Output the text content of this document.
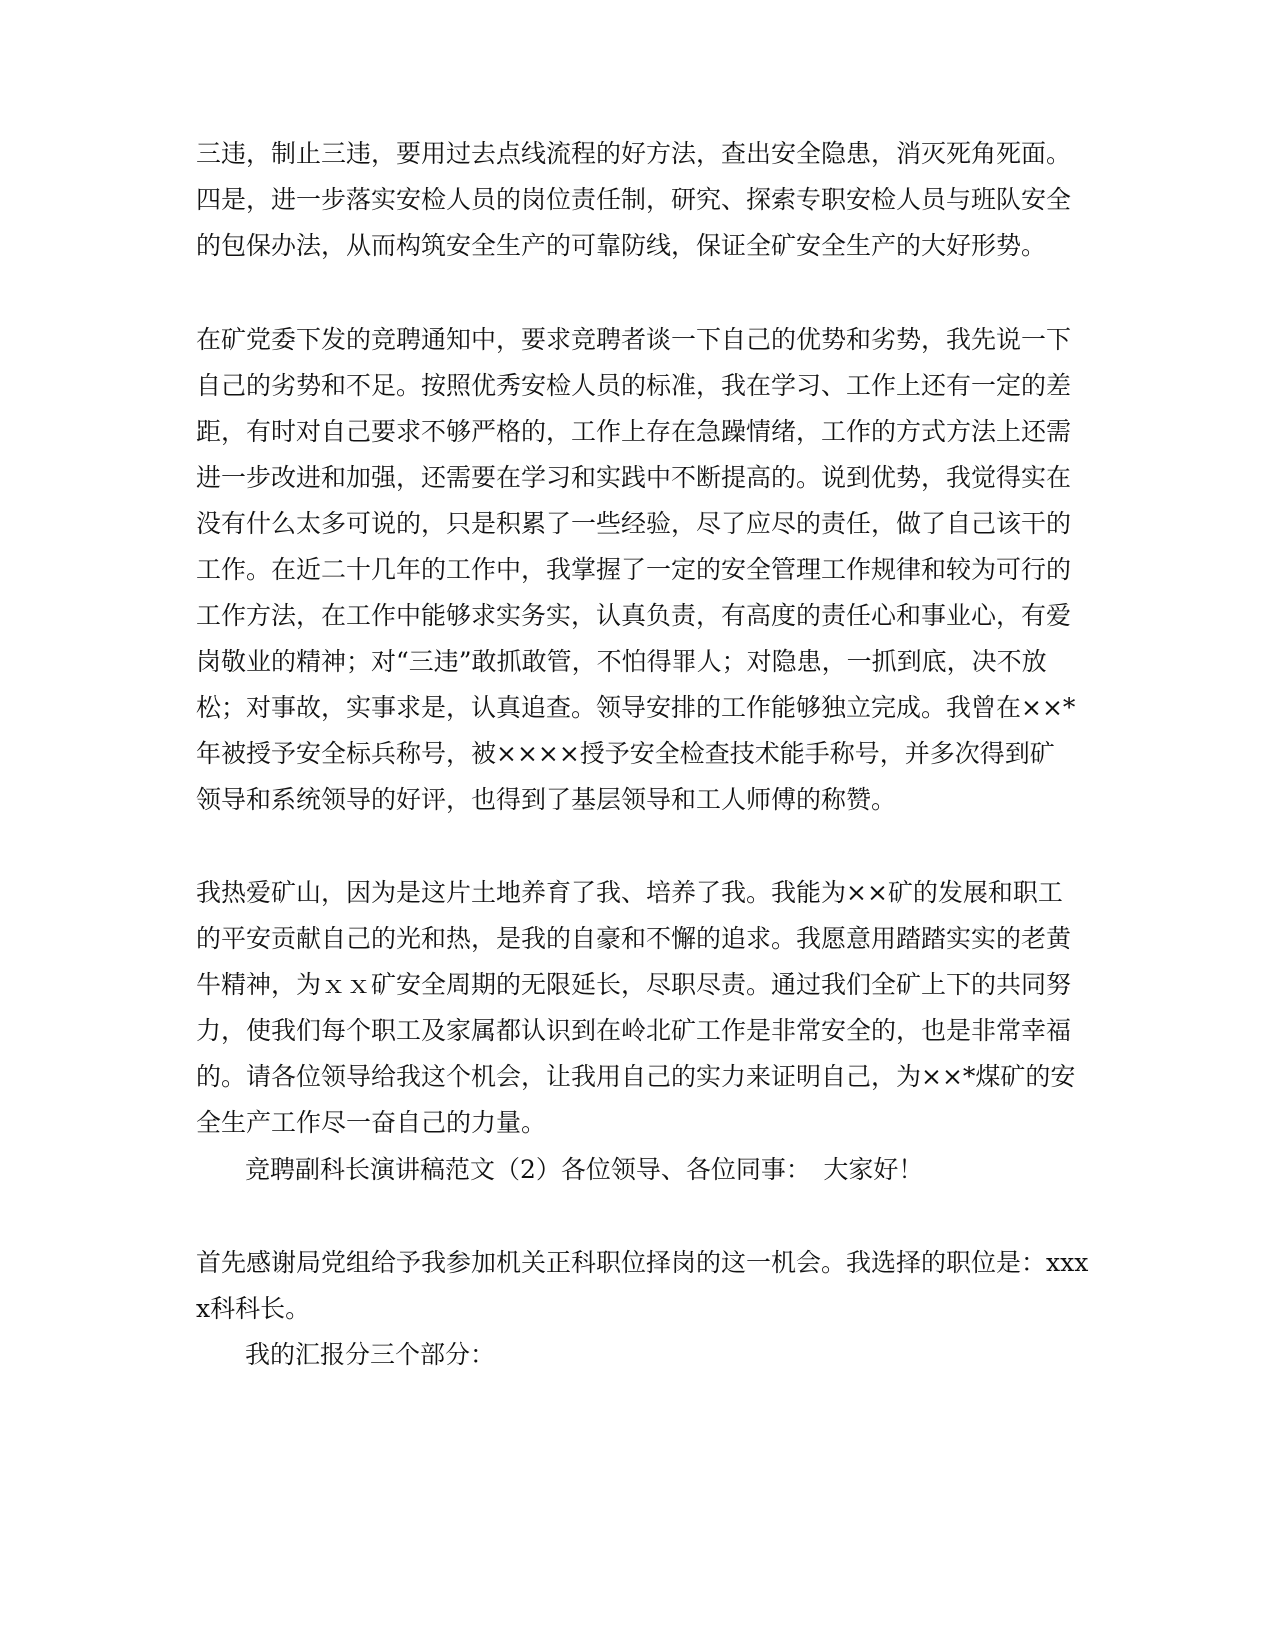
三违，制止三违，要用过去点线流程的好方法，查出安全隐患，消灭死角死面。
四是，进一步落实安检人员的岗位责任制，研究、探索专职安检人员与班队安全
的包保办法，从而构筑安全生产的可靠防线，保证全矿安全生产的大好形势。
在矿党委下发的竞聘通知中，要求竞聘者谈一下自己的优势和劣势，我先说一下
自己的劣势和不足。按照优秀安检人员的标准，我在学习、工作上还有一定的差
距，有时对自己要求不够严格的，工作上存在急躁情绪，工作的方式方法上还需
进一步改进和加强，还需要在学习和实践中不断提高的。说到优势，我觉得实在
没有什么太多可说的，只是积累了一些经验，尽了应尽的责任，做了自己该干的
工作。在近二十几年的工作中，我掌握了一定的安全管理工作规律和较为可行的
工作方法，在工作中能够求实务实，认真负责，有高度的责任心和事业心，有爱
岗敬业的精神；对“三违”敢抓敢管，不怕得罪人；对隐患，一抓到底，决不放
松；对事故，实事求是，认真追查。领导安排的工作能够独立完成。我曾在××*
年被授予安全标兵称号，被××××授予安全检查技术能手称号，并多次得到矿
领导和系统领导的好评，也得到了基层领导和工人师傅的称赞。
我热爱矿山，因为是这片土地养育了我、培养了我。我能为××矿的发展和职工
的平安贡献自己的光和热，是我的自豪和不懈的追求。我愿意用踏踏实实的老黄
牛精神，为ｘｘ矿安全周期的无限延长，尽职尽责。通过我们全矿上下的共同努
力，使我们每个职工及家属都认识到在岭北矿工作是非常安全的，也是非常幸福
的。请各位领导给我这个机会，让我用自己的实力来证明自己，为××*煤矿的安
全生产工作尽一奋自己的力量。
竞聘副科长演讲稿范文（2）各位领导、各位同事：　大家好！
首先感谢局党组给予我参加机关正科职位择岗的这一机会。我选择的职位是：xxx
x科科长。
我的汇报分三个部分：
